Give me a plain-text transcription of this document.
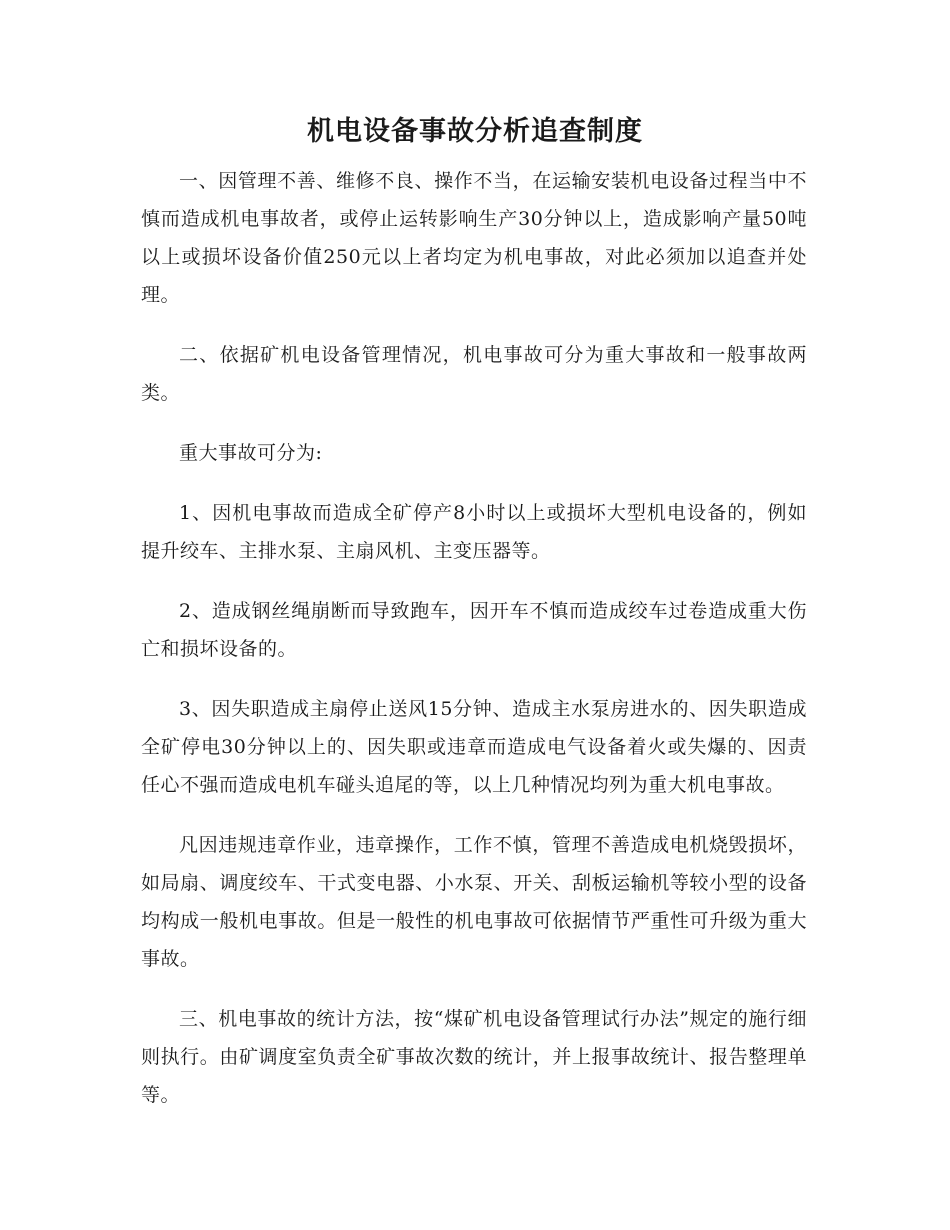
机电设备事故分析追查制度

一、因管理不善、维修不良、操作不当，在运输安装机电设备过程当中不慎而造成机电事故者，或停止运转影响生产30分钟以上，造成影响产量50吨以上或损坏设备价值250元以上者均定为机电事故，对此必须加以追查并处理。

二、依据矿机电设备管理情况，机电事故可分为重大事故和一般事故两类。

重大事故可分为:

1、因机电事故而造成全矿停产8小时以上或损坏大型机电设备的，例如提升绞车、主排水泵、主扇风机、主变压器等。

2、造成钢丝绳崩断而导致跑车，因开车不慎而造成绞车过卷造成重大伤亡和损坏设备的。

3、因失职造成主扇停止送风15分钟、造成主水泵房进水的、因失职造成全矿停电30分钟以上的、因失职或违章而造成电气设备着火或失爆的、因责任心不强而造成电机车碰头追尾的等，以上几种情况均列为重大机电事故。

凡因违规违章作业，违章操作，工作不慎，管理不善造成电机烧毁损坏，如局扇、调度绞车、干式变电器、小水泵、开关、刮板运输机等较小型的设备均构成一般机电事故。但是一般性的机电事故可依据情节严重性可升级为重大事故。

三、机电事故的统计方法，按“煤矿机电设备管理试行办法”规定的施行细则执行。由矿调度室负责全矿事故次数的统计，并上报事故统计、报告整理单等。
